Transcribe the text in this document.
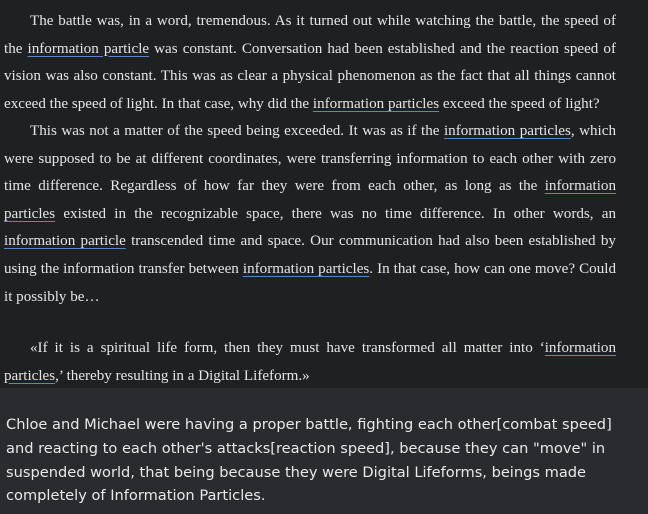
The battle was, in a word, tremendous. As it turned out while watching the battle, the speed of the information particle was constant. Conversation had been established and the reaction speed of vision was also constant. This was as clear a physical phenomenon as the fact that all things cannot exceed the speed of light. In that case, why did the information particles exceed the speed of light?

This was not a matter of the speed being exceeded. It was as if the information particles, which were supposed to be at different coordinates, were transferring information to each other with zero time difference. Regardless of how far they were from each other, as long as the information particles existed in the recognizable space, there was no time difference. In other words, an information particle transcended time and space. Our communication had also been established by using the information transfer between information particles. In that case, how can one move? Could it possibly be…

«If it is a spiritual life form, then they must have transformed all matter into ‘information particles,’ thereby resulting in a Digital Lifeform.»

Chloe and Michael were having a proper battle, fighting each other[combat speed] and reacting to each other's attacks[reaction speed], because they can "move" in suspended world, that being because they were Digital Lifeforms, beings made completely of Information Particles.
